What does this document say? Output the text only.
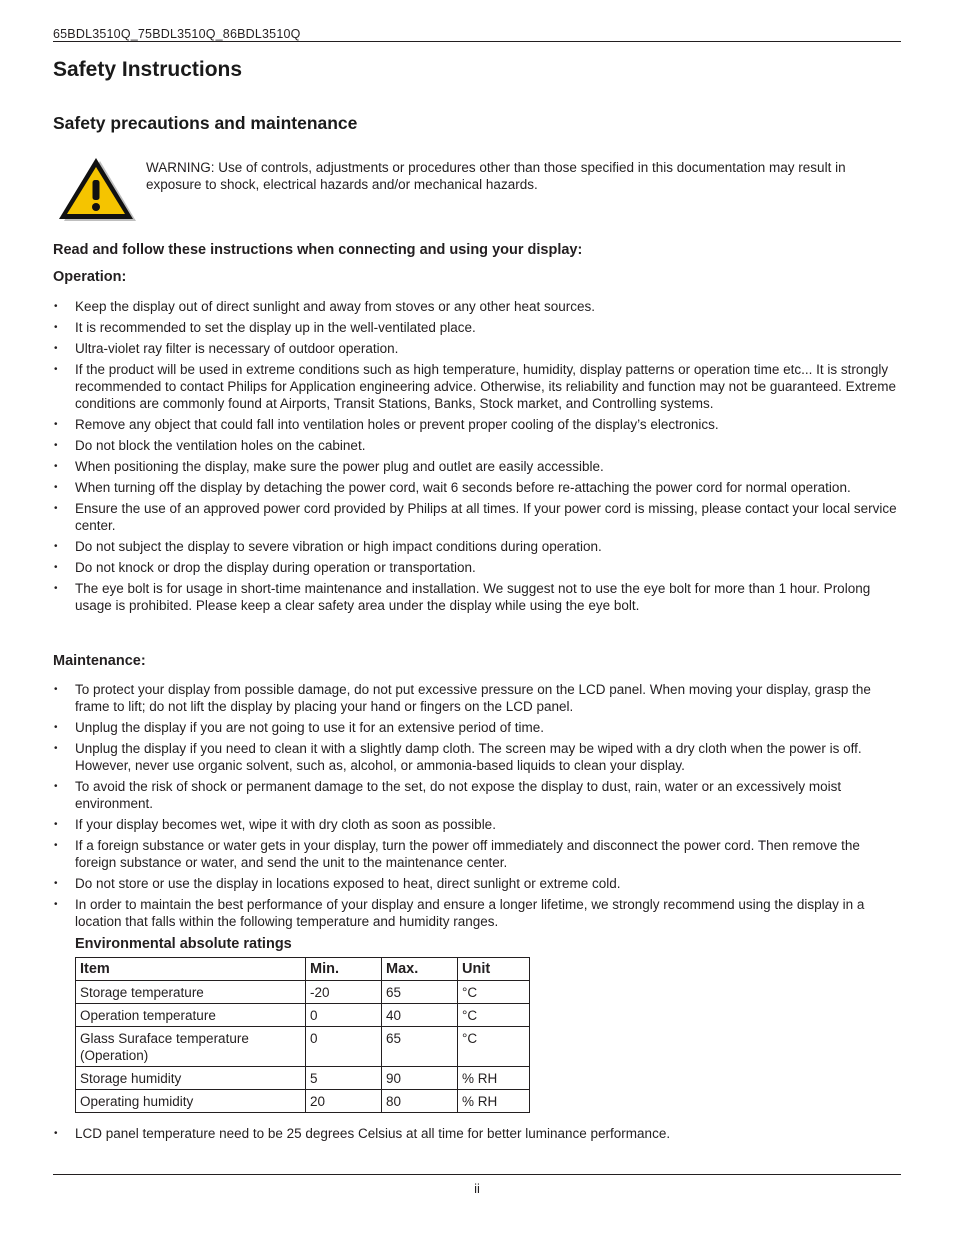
65BDL3510Q_75BDL3510Q_86BDL3510Q
Safety Instructions
Safety precautions and maintenance
WARNING: Use of controls, adjustments or procedures other than those specified in this documentation may result in exposure to shock, electrical hazards and/or mechanical hazards.

Read and follow these instructions when connecting and using your display:

Operation:

• Keep the display out of direct sunlight and away from stoves or any other heat sources.
• It is recommended to set the display up in the well-ventilated place.
• Ultra-violet ray filter is necessary of outdoor operation.
• If the product will be used in extreme conditions such as high temperature, humidity, display patterns or operation time etc... It is strongly recommended to contact Philips for Application engineering advice. Otherwise, its reliability and function may not be guaranteed. Extreme conditions are commonly found at Airports, Transit Stations, Banks, Stock market, and Controlling systems.
• Remove any object that could fall into ventilation holes or prevent proper cooling of the display’s electronics.
• Do not block the ventilation holes on the cabinet.
• When positioning the display, make sure the power plug and outlet are easily accessible.
• When turning off the display by detaching the power cord, wait 6 seconds before re-attaching the power cord for normal operation.
• Ensure the use of an approved power cord provided by Philips at all times. If your power cord is missing, please contact your local service center.
• Do not subject the display to severe vibration or high impact conditions during operation.
• Do not knock or drop the display during operation or transportation.
• The eye bolt is for usage in short-time maintenance and installation. We suggest not to use the eye bolt for more than 1 hour. Prolong usage is prohibited. Please keep a clear safety area under the display while using the eye bolt.

Maintenance:

• To protect your display from possible damage, do not put excessive pressure on the LCD panel. When moving your display, grasp the frame to lift; do not lift the display by placing your hand or fingers on the LCD panel.
• Unplug the display if you are not going to use it for an extensive period of time.
• Unplug the display if you need to clean it with a slightly damp cloth. The screen may be wiped with a dry cloth when the power is off. However, never use organic solvent, such as, alcohol, or ammonia-based liquids to clean your display.
• To avoid the risk of shock or permanent damage to the set, do not expose the display to dust, rain, water or an excessively moist environment.
• If your display becomes wet, wipe it with dry cloth as soon as possible.
• If a foreign substance or water gets in your display, turn the power off immediately and disconnect the power cord. Then remove the foreign substance or water, and send the unit to the maintenance center.
• Do not store or use the display in locations exposed to heat, direct sunlight or extreme cold.
• In order to maintain the best performance of your display and ensure a longer lifetime, we strongly recommend using the display in a location that falls within the following temperature and humidity ranges.
Environmental absolute ratings
Item	Min.	Max.	Unit
Storage temperature	-20	65	°C
Operation temperature	0	40	°C
Glass Suraface temperature (Operation)	0	65	°C
Storage humidity	5	90	% RH
Operating humidity	20	80	% RH
• LCD panel temperature need to be 25 degrees Celsius at all time for better luminance performance.
ii
